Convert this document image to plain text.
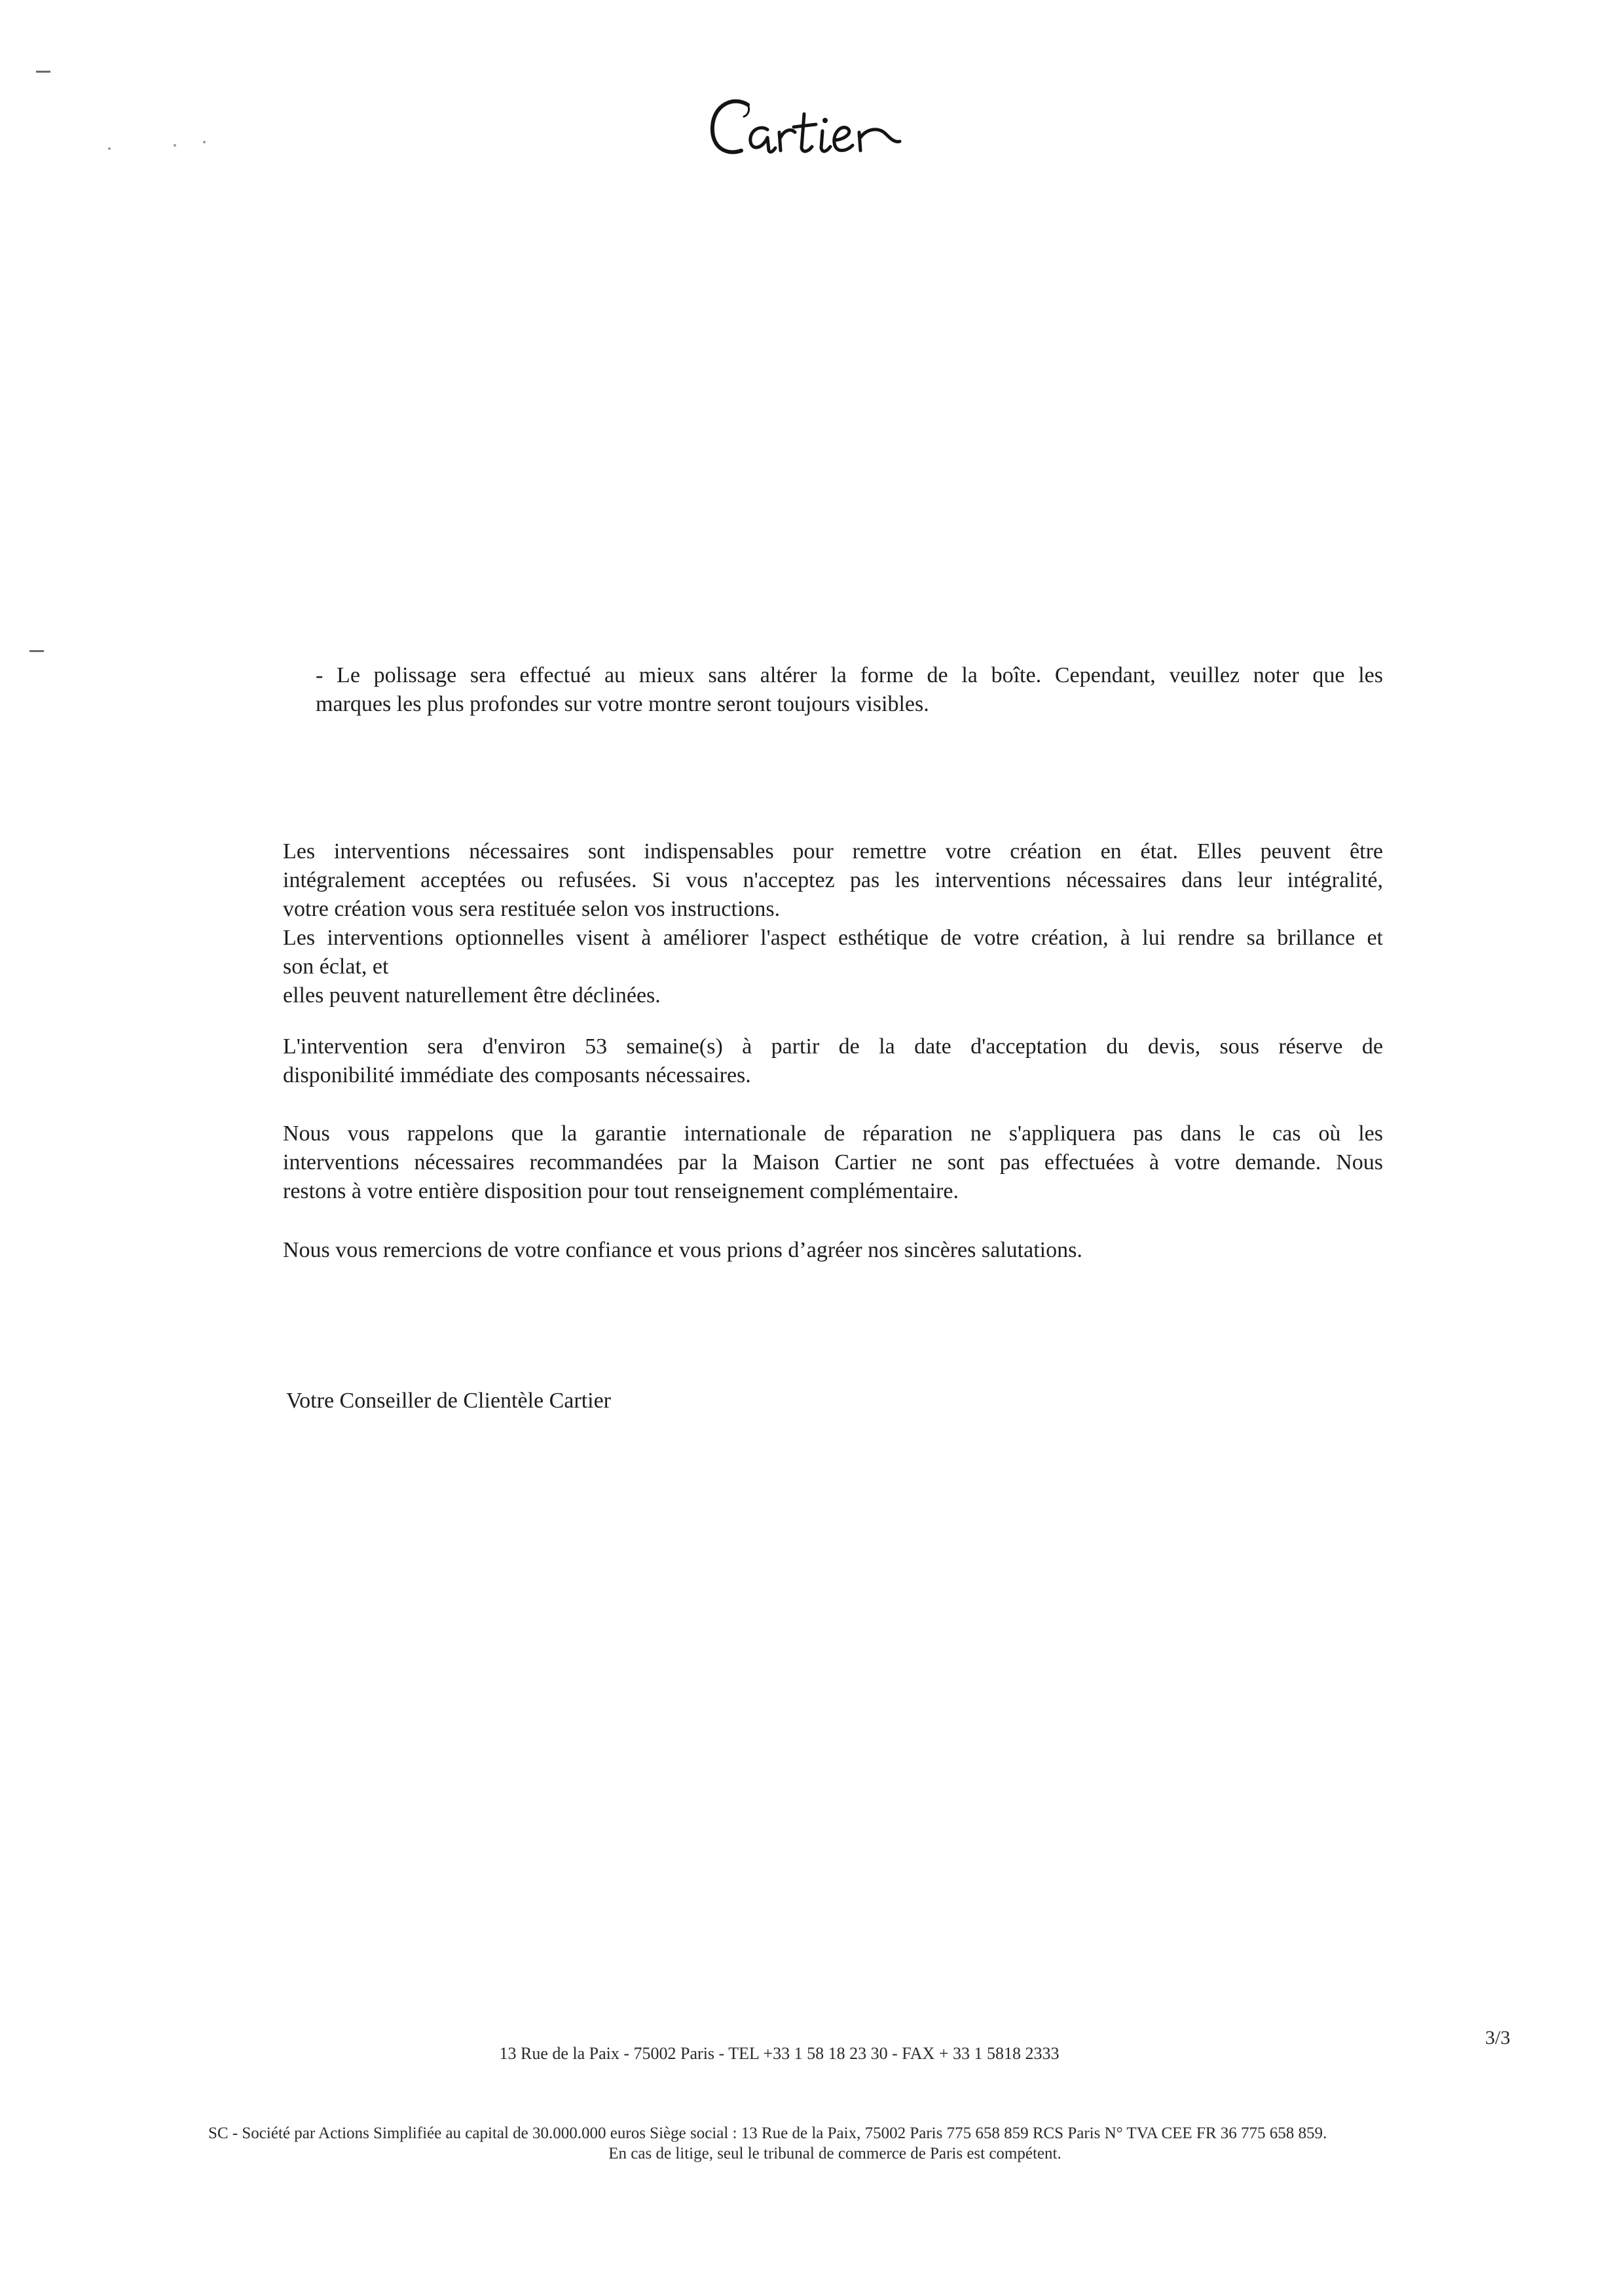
- Le polissage sera effectué au mieux sans altérer la forme de la boîte. Cependant, veuillez noter que les
marques les plus profondes sur votre montre seront toujours visibles.
Les interventions nécessaires sont indispensables pour remettre votre création en état. Elles peuvent être
intégralement acceptées ou refusées. Si vous n'acceptez pas les interventions nécessaires dans leur intégralité,
votre création vous sera restituée selon vos instructions.
Les interventions optionnelles visent à améliorer l'aspect esthétique de votre création, à lui rendre sa brillance et
son éclat, et
elles peuvent naturellement être déclinées.
L'intervention sera d'environ 53 semaine(s) à partir de la date d'acceptation du devis, sous réserve de
disponibilité immédiate des composants nécessaires.
Nous vous rappelons que la garantie internationale de réparation ne s'appliquera pas dans le cas où les
interventions nécessaires recommandées par la Maison Cartier ne sont pas effectuées à votre demande. Nous
restons à votre entière disposition pour tout renseignement complémentaire.
Nous vous remercions de votre confiance et vous prions d’agréer nos sincères salutations.
Votre Conseiller de Clientèle Cartier
3/3
13 Rue de la Paix - 75002 Paris - TEL +33 1 58 18 23 30 - FAX + 33 1 5818 2333
SC - Société par Actions Simplifiée au capital de 30.000.000 euros Siège social : 13 Rue de la Paix, 75002 Paris 775 658 859 RCS Paris N° TVA CEE FR 36 775 658 859.
En cas de litige, seul le tribunal de commerce de Paris est compétent.
